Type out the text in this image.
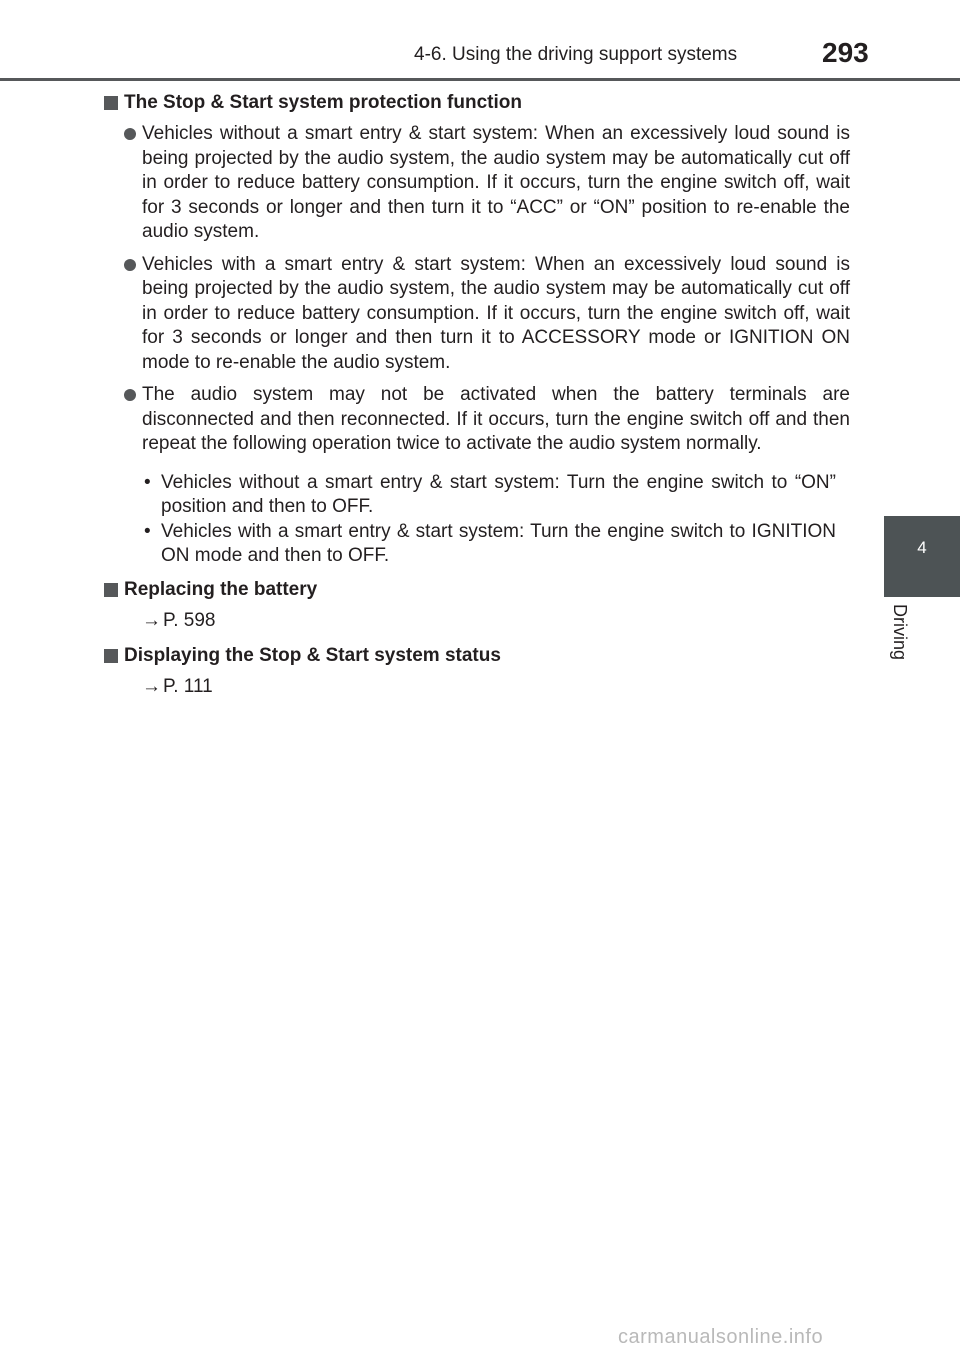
4-6. Using the driving support systems	293
4
Driving
The Stop & Start system protection function
Vehicles without a smart entry & start system: When an excessively loud sound is being projected by the audio system, the audio system may be automatically cut off in order to reduce battery consumption. If it occurs, turn the engine switch off, wait for 3 seconds or longer and then turn it to “ACC” or “ON” position to re-enable the audio system.
Vehicles with a smart entry & start system: When an excessively loud sound is being projected by the audio system, the audio system may be automatically cut off in order to reduce battery consumption. If it occurs, turn the engine switch off, wait for 3 seconds or longer and then turn it to ACCESSORY mode or IGNITION ON mode to re-enable the audio system.
The audio system may not be activated when the battery terminals are disconnected and then reconnected. If it occurs, turn the engine switch off and then repeat the following operation twice to activate the audio system normally.
• Vehicles without a smart entry & start system: Turn the engine switch to “ON” position and then to OFF.
• Vehicles with a smart entry & start system: Turn the engine switch to IGNITION ON mode and then to OFF.
Replacing the battery
→ P. 598
Displaying the Stop & Start system status
→ P. 111
carmanualsonline.info
